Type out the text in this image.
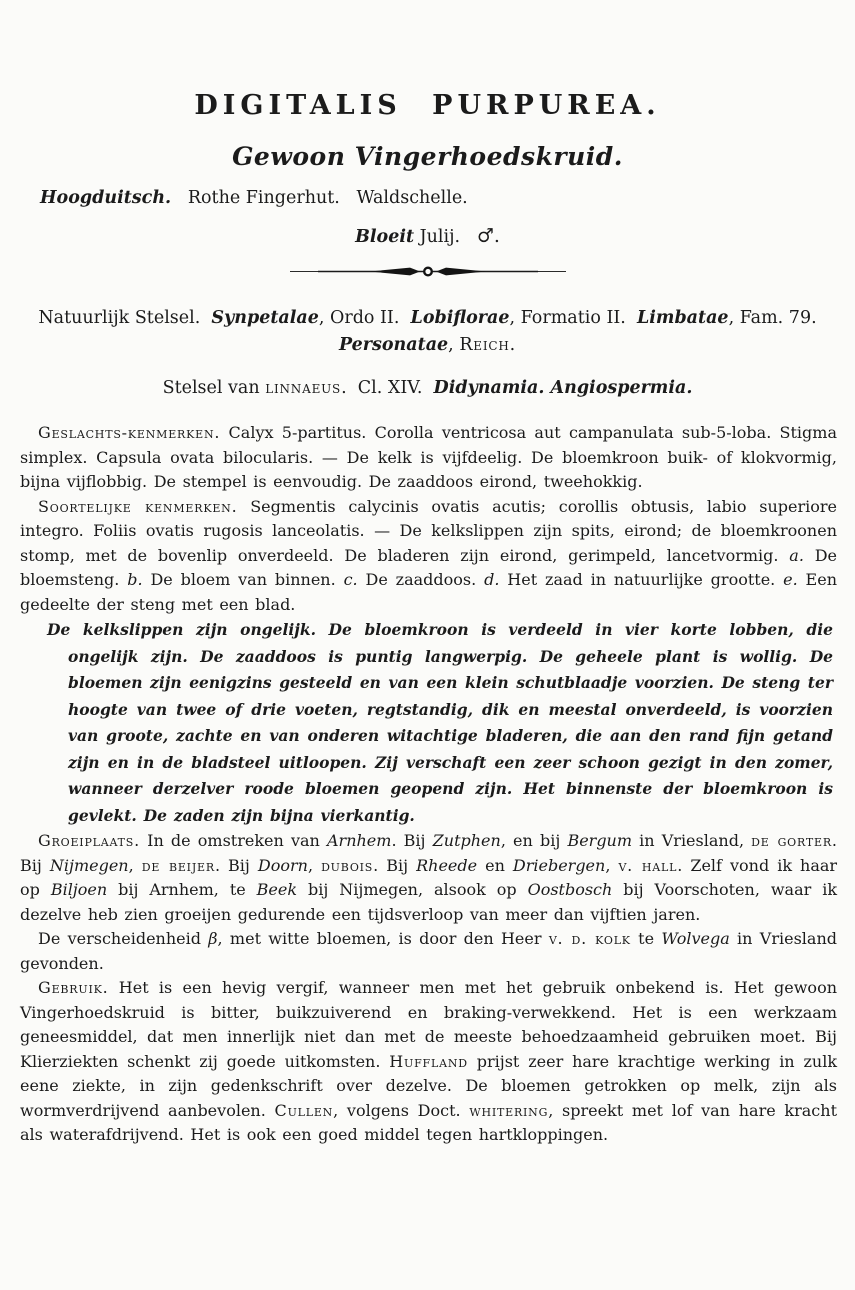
DIGITALIS PURPUREA.
Gewoon Vingerhoedskruid.

Hoogduitsch.   Rothe Fingerhut.   Waldschelle.

Bloeit Julij.   ♂.

Natuurlijk Stelsel.  Synpetalae, Ordo II.  Lobiflorae, Formatio II.  Limbatae, Fam. 79.

Personatae, Reich.

Stelsel van linnaeus.  Cl. XIV.  Didynamia. Angiospermia.

Geslachts-kenmerken. Calyx 5-partitus. Corolla ventricosa aut campanulata sub-5-loba. Stigma simplex. Capsula ovata bilocularis. — De kelk is vijfdeelig. De bloemkroon buik- of klokvormig, bijna vijflobbig. De stempel is eenvoudig. De zaaddoos eirond, tweehokkig.

Soortelijke kenmerken. Segmentis calycinis ovatis acutis; corollis obtusis, labio superiore integro. Foliis ovatis rugosis lanceolatis. — De kelkslippen zijn spits, eirond; de bloemkroonen stomp, met de bovenlip onverdeeld. De bladeren zijn eirond, gerimpeld, lancetvormig. a. De bloemsteng. b. De bloem van binnen. c. De zaaddoos. d. Het zaad in natuurlijke grootte. e. Een gedeelte der steng met een blad.

De kelkslippen zijn ongelijk. De bloemkroon is verdeeld in vier korte lobben, die ongelijk zijn. De zaaddoos is puntig langwerpig. De geheele plant is wollig. De bloemen zijn eenigzins gesteeld en van een klein schutblaadje voorzien. De steng ter hoogte van twee of drie voeten, regtstandig, dik en meestal onverdeeld, is voorzien van groote, zachte en van onderen witachtige bladeren, die aan den rand fijn getand zijn en in de bladsteel uitloopen. Zij verschaft een zeer schoon gezigt in den zomer, wanneer derzelver roode bloemen geopend zijn. Het binnenste der bloemkroon is gevlekt. De zaden zijn bijna vierkantig.

Groeiplaats. In de omstreken van Arnhem. Bij Zutphen, en bij Bergum in Vriesland, de gorter. Bij Nijmegen, de beijer. Bij Doorn, dubois. Bij Rheede en Driebergen, v. hall. Zelf vond ik haar op Biljoen bij Arnhem, te Beek bij Nijmegen, alsook op Oostbosch bij Voorschoten, waar ik dezelve heb zien groeijen gedurende een tijdsverloop van meer dan vijftien jaren.

De verscheidenheid β, met witte bloemen, is door den Heer v. d. kolk te Wolvega in Vriesland gevonden.

Gebruik. Het is een hevig vergif, wanneer men met het gebruik onbekend is. Het gewoon Vingerhoedskruid is bitter, buikzuiverend en braking-verwekkend. Het is een werkzaam geneesmiddel, dat men innerlijk niet dan met de meeste behoedzaamheid gebruiken moet. Bij Klierziekten schenkt zij goede uitkomsten. Huffland prijst zeer hare krachtige werking in zulk eene ziekte, in zijn gedenkschrift over dezelve. De bloemen getrokken op melk, zijn als wormverdrijvend aanbevolen. Cullen, volgens Doct. whitering, spreekt met lof van hare kracht als waterafdrijvend. Het is ook een goed middel tegen hartkloppingen.
